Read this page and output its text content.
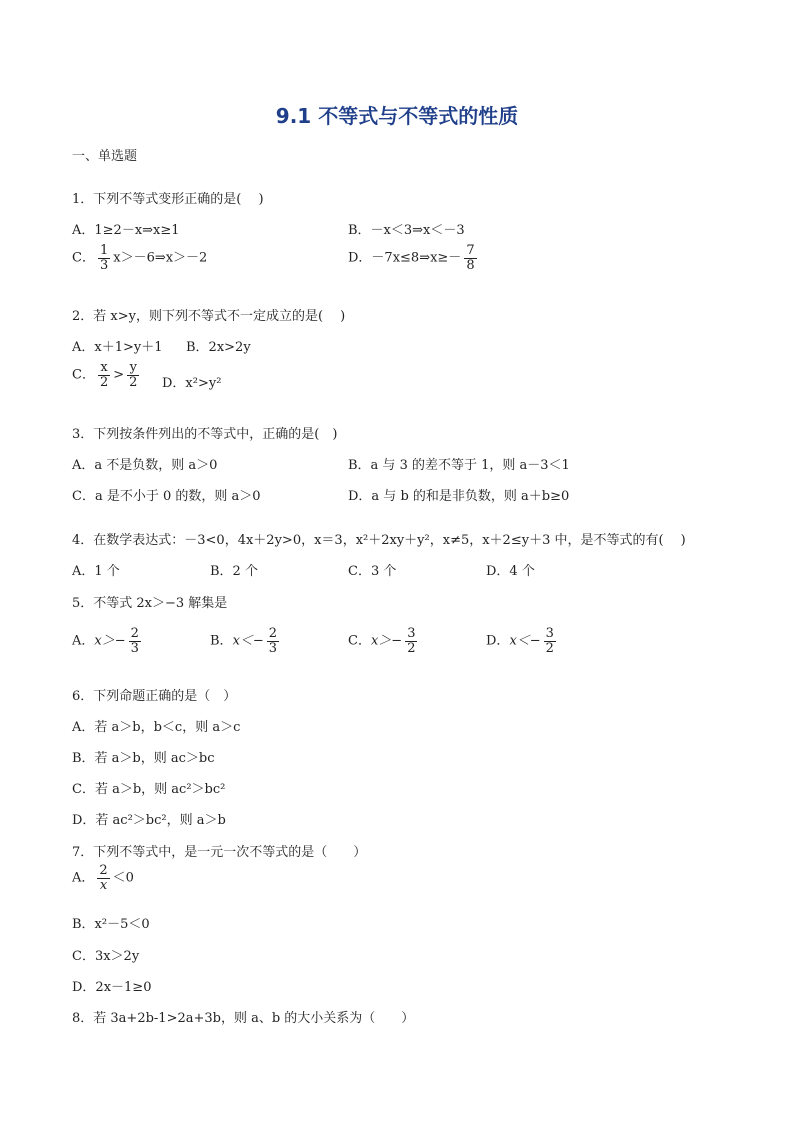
9.1 不等式与不等式的性质
一、单选题
1．下列不等式变形正确的是(　 )
A．1≥2－x⇒x≥1	B．－x＜3⇒x＜－3
C． $\frac{1}{3}$ x＞－6⇒x＞－2	D．－7x≤8⇒x≥－ $\frac{7}{8}$
2．若 x>y，则下列不等式不一定成立的是(　 )
A．x＋1>y＋1 B．2x>2y
C． $\frac{x}{2} > \frac{y}{2}$ D．x²>y²
3．下列按条件列出的不等式中，正确的是(　)
A．a 不是负数，则 a＞0	B．a 与 3 的差不等于 1，则 a－3＜1
C．a 是不小于 0 的数，则 a＞0	D．a 与 b 的和是非负数，则 a＋b≥0
4．在数学表达式：－3<0，4x＋2y>0，x＝3，x²＋2xy＋y²，x≠5，x＋2≤y＋3 中，是不等式的有(　 )
A．1 个	B．2 个	C．3 个	D．4 个
5．不等式 2x＞−3 解集是
A．$x>- \frac{2}{3}$	B．$x<- \frac{2}{3}$	C．$x>- \frac{3}{2}$	D．$x<- \frac{3}{2}$
6．下列命题正确的是（　）
A．若 a＞b，b＜c，则 a＞c
B．若 a＞b，则 ac＞bc
C．若 a＞b，则 ac²＞bc²
D．若 ac²＞bc²，则 a＞b
7．下列不等式中，是一元一次不等式的是（　　）
A． $\frac{2}{x} <0$
B．x²－5＜0
C．3x＞2y
D．2x－1≥0
8．若 3a+2b-1>2a+3b，则 a、b 的大小关系为（　　）
